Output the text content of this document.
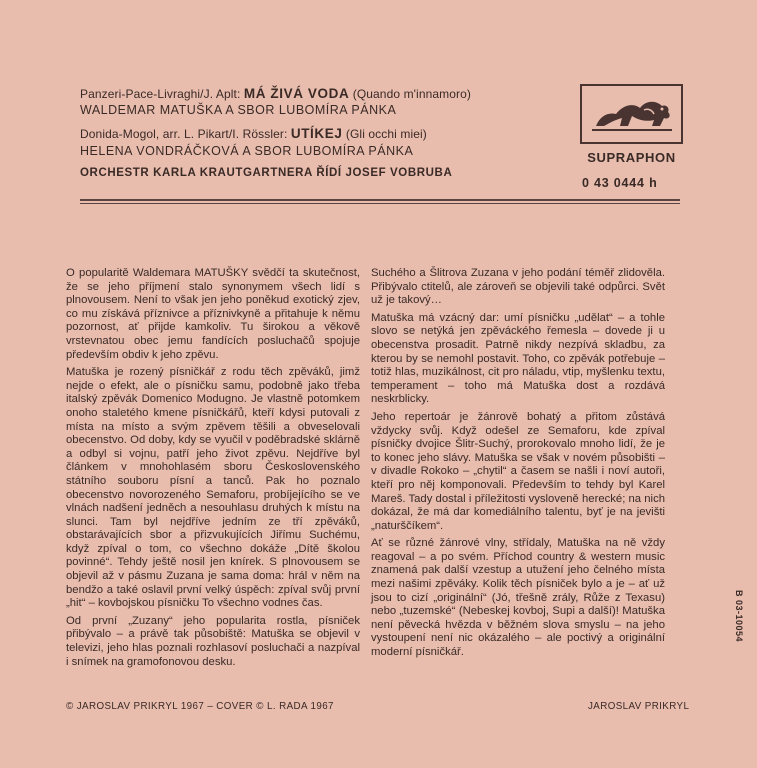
Panzeri-Pace-Livraghi/J. Aplt: MÁ ŽIVÁ VODA (Quando m'innamoro)
WALDEMAR MATUŠKA A SBOR LUBOMÍRA PÁNKA
Donida-Mogol, arr. L. Pikart/I. Rössler: UTÍKEJ (Gli occhi miei)
HELENA VONDRÁČKOVÁ A SBOR LUBOMÍRA PÁNKA
ORCHESTR KARLA KRAUTGARTNERA ŘÍDÍ JOSEF VOBRUBA
SUPRAPHON
0 43 0444 h

O popularitě Waldemara MATUŠKY svědčí ta skutečnost, že se jeho příjmení stalo synonymem všech lidí s plnovousem. Není to však jen jeho poněkud exotický zjev, co mu získává příznivce a příznivkyně a přitahuje k němu pozornost, ať přijde kamkoliv. Tu širokou a věkově vrstevnatou obec jemu fandících posluchačů spojuje především obdiv k jeho zpěvu.

Matuška je rozený písničkář z rodu těch zpěváků, jimž nejde o efekt, ale o písničku samu, podobně jako třeba italský zpěvák Domenico Modugno. Je vlastně potomkem onoho staletého kmene písničkářů, kteří kdysi putovali z místa na místo a svým zpěvem těšili a obveselovali obecenstvo. Od doby, kdy se vyučil v poděbradské sklárně a odbyl si vojnu, patří jeho život zpěvu. Nejdříve byl článkem v mnohohlasém sboru Československého státního souboru písní a tanců. Pak ho poznalo obecenstvo novorozeného Semaforu, probíjejícího se ve vlnách nadšení jedněch a nesouhlasu druhých k místu na slunci. Tam byl nejdříve jedním ze tří zpěváků, obstarávajících sbor a přizvukujících Jiřímu Suchému, když zpíval o tom, co všechno dokáže „Dítě školou povinné“. Tehdy ještě nosil jen knírek. S plnovousem se objevil až v pásmu Zuzana je sama doma: hrál v něm na bendžo a také oslavil první velký úspěch: zpíval svůj první „hit“ – kovbojskou písničku To všechno vodnes čas.

Od první „Zuzany“ jeho popularita rostla, písniček přibývalo – a právě tak působiště: Matuška se objevil v televizi, jeho hlas poznali rozhlasoví posluchači a nazpíval i snímek na gramofonovou desku.

Suchého a Šlitrova Zuzana v jeho podání téměř zlidověla. Přibývalo ctitelů, ale zároveň se objevili také odpůrci. Svět už je takový…

Matuška má vzácný dar: umí písničku „udělat“ – a tohle slovo se netýká jen zpěváckého řemesla – dovede ji u obecenstva prosadit. Patrně nikdy nezpívá skladbu, za kterou by se nemohl postavit. Toho, co zpěvák potřebuje – totiž hlas, muzikálnost, cit pro náladu, vtip, myšlenku textu, temperament – toho má Matuška dost a rozdává neskrblicky.

Jeho repertoár je žánrově bohatý a přitom zůstává vždycky svůj. Když odešel ze Semaforu, kde zpíval písničky dvojice Šlitr-Suchý, prorokovalo mnoho lidí, že je to konec jeho slávy. Matuška se však v novém působišti – v divadle Rokoko – „chytil“ a časem se našli i noví autoři, kteří pro něj komponovali. Především to tehdy byl Karel Mareš. Tady dostal i příležitosti vysloveně herecké; na nich dokázal, že má dar komediálního talentu, byť je na jevišti „naturščíkem“.

Ať se různé žánrové vlny, střídaly, Matuška na ně vždy reagoval – a po svém. Příchod country & western music znamená pak další vzestup a utužení jeho čelného místa mezi našimi zpěváky. Kolik těch písniček bylo a je – ať už jsou to cizí „originální“ (Jó, třešně zrály, Růže z Texasu) nebo „tuzemské“ (Nebeskej kovboj, Supi a další)! Matuška není pěvecká hvězda v běžném slova smyslu – na jeho vystoupení není nic okázalého – ale poctivý a originální moderní písničkář.

© JAROSLAV PRIKRYL 1967 – COVER © L. RADA 1967	JAROSLAV PRIKRYL
B 03-10054
